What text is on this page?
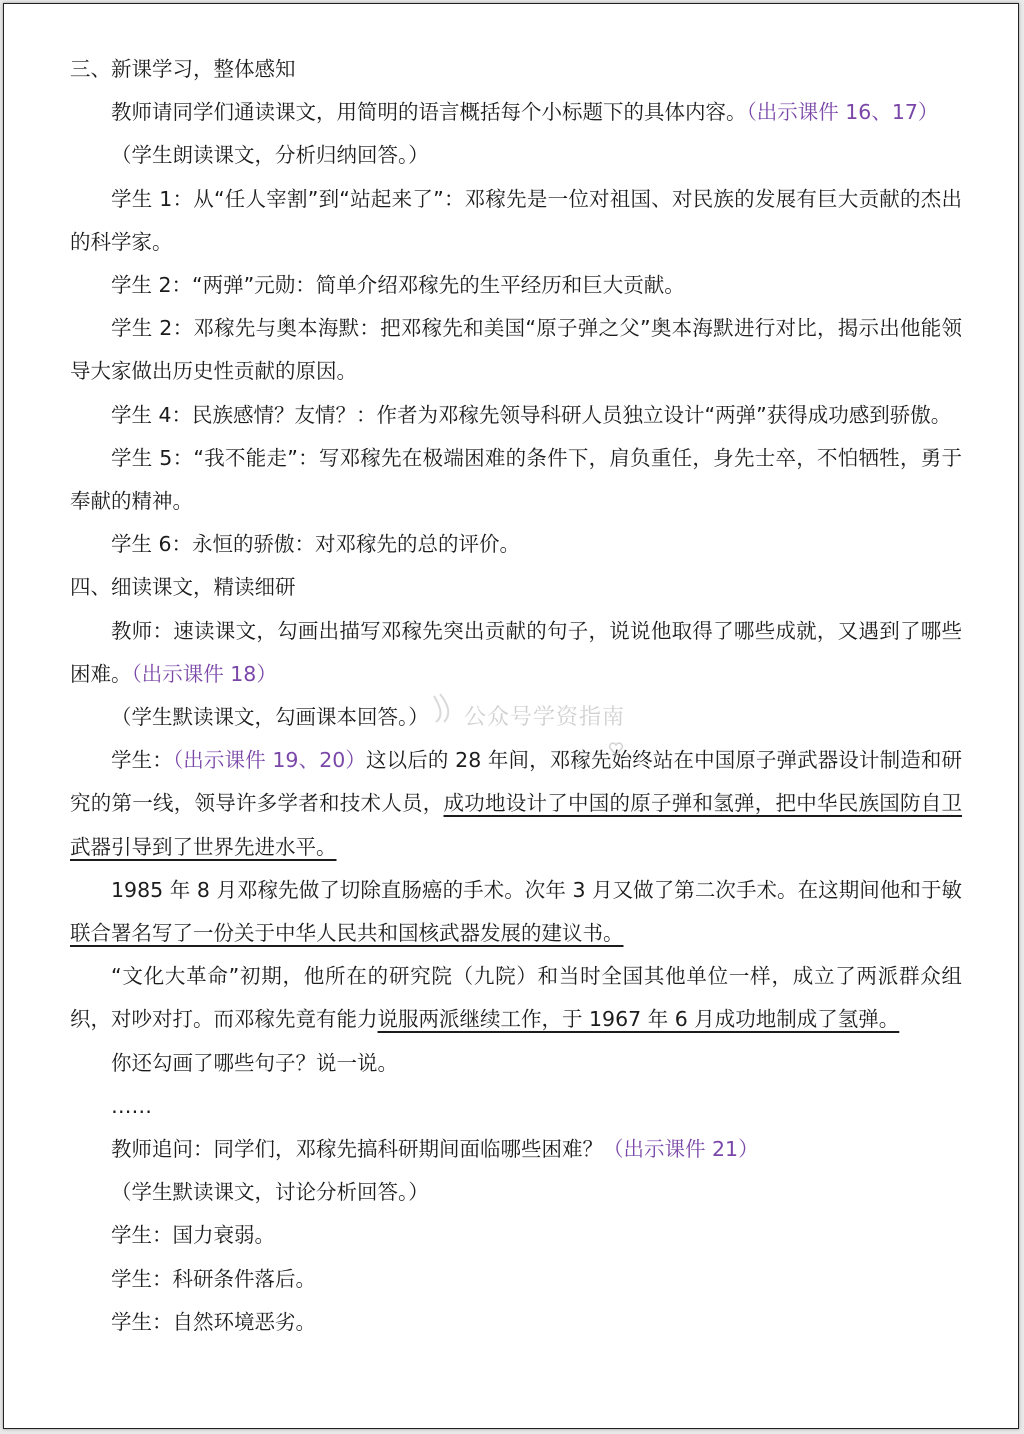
三、新课学习，整体感知

教师请同学们通读课文，用简明的语言概括每个小标题下的具体内容。（出示课件 16、17）

（学生朗读课文，分析归纳回答。）

学生 1：从“任人宰割”到“站起来了”：邓稼先是一位对祖国、对民族的发展有巨大贡献的杰出的科学家。

学生 2：“两弹”元勋：简单介绍邓稼先的生平经历和巨大贡献。

学生 2：邓稼先与奥本海默：把邓稼先和美国“原子弹之父”奥本海默进行对比，揭示出他能领导大家做出历史性贡献的原因。

学生 4：民族感情？友情？：作者为邓稼先领导科研人员独立设计“两弹”获得成功感到骄傲。

学生 5：“我不能走”：写邓稼先在极端困难的条件下，肩负重任，身先士卒，不怕牺牲，勇于奉献的精神。

学生 6：永恒的骄傲：对邓稼先的总的评价。

四、细读课文，精读细研

教师：速读课文，勾画出描写邓稼先突出贡献的句子，说说他取得了哪些成就，又遇到了哪些困难。（出示课件 18）

（学生默读课文，勾画课本回答。）

学生：（出示课件 19、20）这以后的 28 年间，邓稼先始终站在中国原子弹武器设计制造和研究的第一线，领导许多学者和技术人员，成功地设计了中国的原子弹和氢弹，把中华民族国防自卫武器引导到了世界先进水平。

1985 年 8 月邓稼先做了切除直肠癌的手术。次年 3 月又做了第二次手术。在这期间他和于敏联合署名写了一份关于中华人民共和国核武器发展的建议书。

“文化大革命”初期，他所在的研究院（九院）和当时全国其他单位一样，成立了两派群众组织，对吵对打。而邓稼先竟有能力说服两派继续工作，于 1967 年 6 月成功地制成了氢弹。

你还勾画了哪些句子？说一说。

……

教师追问：同学们，邓稼先搞科研期间面临哪些困难？（出示课件 21）

（学生默读课文，讨论分析回答。）

学生：国力衰弱。

学生：科研条件落后。

学生：自然环境恶劣。

公众号学资指南
